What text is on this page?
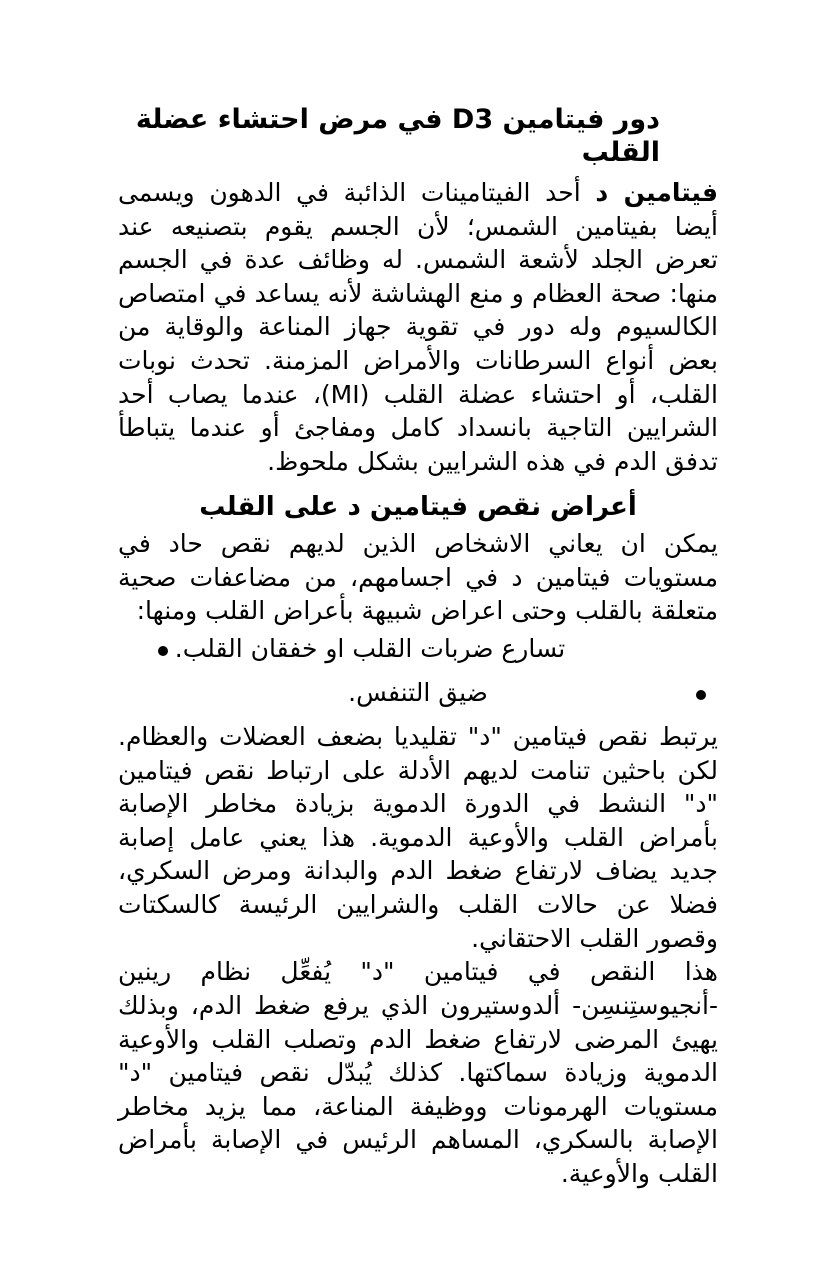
دور فيتامين D3 في مرض احتشاء عضلة
القلب

فيتامين د أحد الفيتامينات الذائبة في الدهون ويسمى أيضا بفيتامين الشمس؛ لأن الجسم يقوم بتصنيعه عند تعرض الجلد لأشعة الشمس. له وظائف عدة في الجسم منها: صحة العظام و منع الهشاشة لأنه يساعد في امتصاص الكالسيوم وله دور في تقوية جهاز المناعة والوقاية من بعض أنواع السرطانات والأمراض المزمنة. تحدث نوبات القلب، أو احتشاء عضلة القلب (MI)، عندما يصاب أحد الشرايين التاجية بانسداد كامل ومفاجئ أو عندما يتباطأ تدفق الدم في هذه الشرايين بشكل ملحوظ.

أعراض نقص فيتامين د على القلب

يمكن ان يعاني الاشخاص الذين لديهم نقص حاد في مستويات فيتامين د في اجسامهم، من مضاعفات صحية متعلقة بالقلب وحتى اعراض شبيهة بأعراض القلب ومنها:

تسارع ضربات القلب او خفقان القلب.
ضيق التنفس.

يرتبط نقص فيتامين "د" تقليديا بضعف العضلات والعظام. لكن باحثين تنامت لديهم الأدلة على ارتباط نقص فيتامين "د" النشط في الدورة الدموية بزيادة مخاطر الإصابة بأمراض القلب والأوعية الدموية. هذا يعني عامل إصابة جديد يضاف لارتفاع ضغط الدم والبدانة ومرض السكري، فضلا عن حالات القلب والشرايين الرئيسة كالسكتات وقصور القلب الاحتقاني.

هذا النقص في فيتامين "د" يُفعِّل نظام رينين -أنجيوستِنسِن- ألدوستيرون الذي يرفع ضغط الدم، وبذلك يهيئ المرضى لارتفاع ضغط الدم وتصلب القلب والأوعية الدموية وزيادة سماكتها. كذلك يُبدّل نقص فيتامين "د" مستويات الهرمونات ووظيفة المناعة، مما يزيد مخاطر الإصابة بالسكري، المساهم الرئيس في الإصابة بأمراض القلب والأوعية.
